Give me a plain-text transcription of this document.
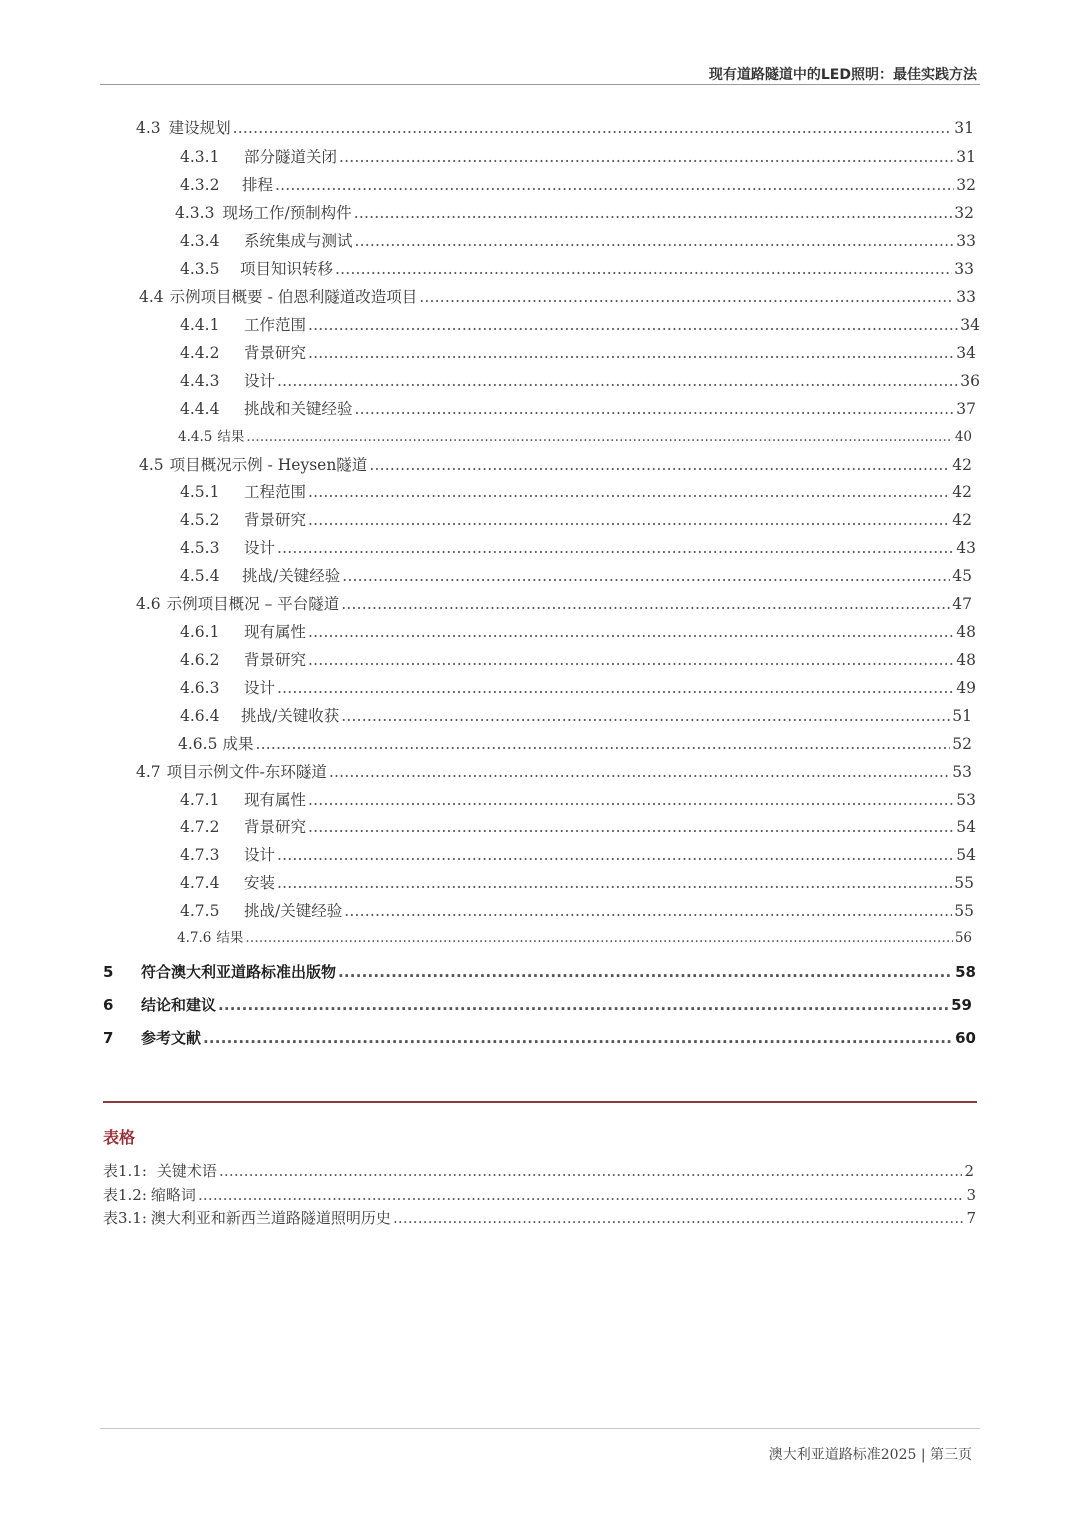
现有道路隧道中的LED照明：最佳实践方法
4.3 建设规划 .....	31
4.3.1	部分隧道关闭 .....	31
4.3.2	排程 .....	32
4.3.3 现场工作/预制构件 .....	32
4.3.4	系统集成与测试 .....	33
4.3.5	项目知识转移 .....	33
4.4 示例项目概要 - 伯恩利隧道改造项目 .....	33
4.4.1	工作范围 .....	34
4.4.2	背景研究 .....	34
4.4.3	设计 .....	36
4.4.4	挑战和关键经验 .....	37
4.4.5 结果 .....	40
4.5 项目概况示例 - Heysen隧道 .....	42
4.5.1	工程范围 .....	42
4.5.2	背景研究 .....	42
4.5.3	设计 .....	43
4.5.4	挑战/关键经验 .....	45
4.6 示例项目概况 – 平台隧道 .....	47
4.6.1	现有属性 .....	48
4.6.2	背景研究 .....	48
4.6.3	设计 .....	49
4.6.4	挑战/关键收获 .....	51
4.6.5 成果 .....	52
4.7 项目示例文件-东环隧道 .....	53
4.7.1	现有属性 .....	53
4.7.2	背景研究 .....	54
4.7.3	设计 .....	54
4.7.4	安装 .....	55
4.7.5	挑战/关键经验 .....	55
4.7.6 结果 .....	56
5	符合澳大利亚道路标准出版物 .....	58
6	结论和建议 .....	59
7	参考文献 .....	60
表格
表1.1: 关键术语 .....	2
表1.2: 缩略词 .....	3
表3.1: 澳大利亚和新西兰道路隧道照明历史 .....	7
澳大利亚道路标准2025 | 第三页
